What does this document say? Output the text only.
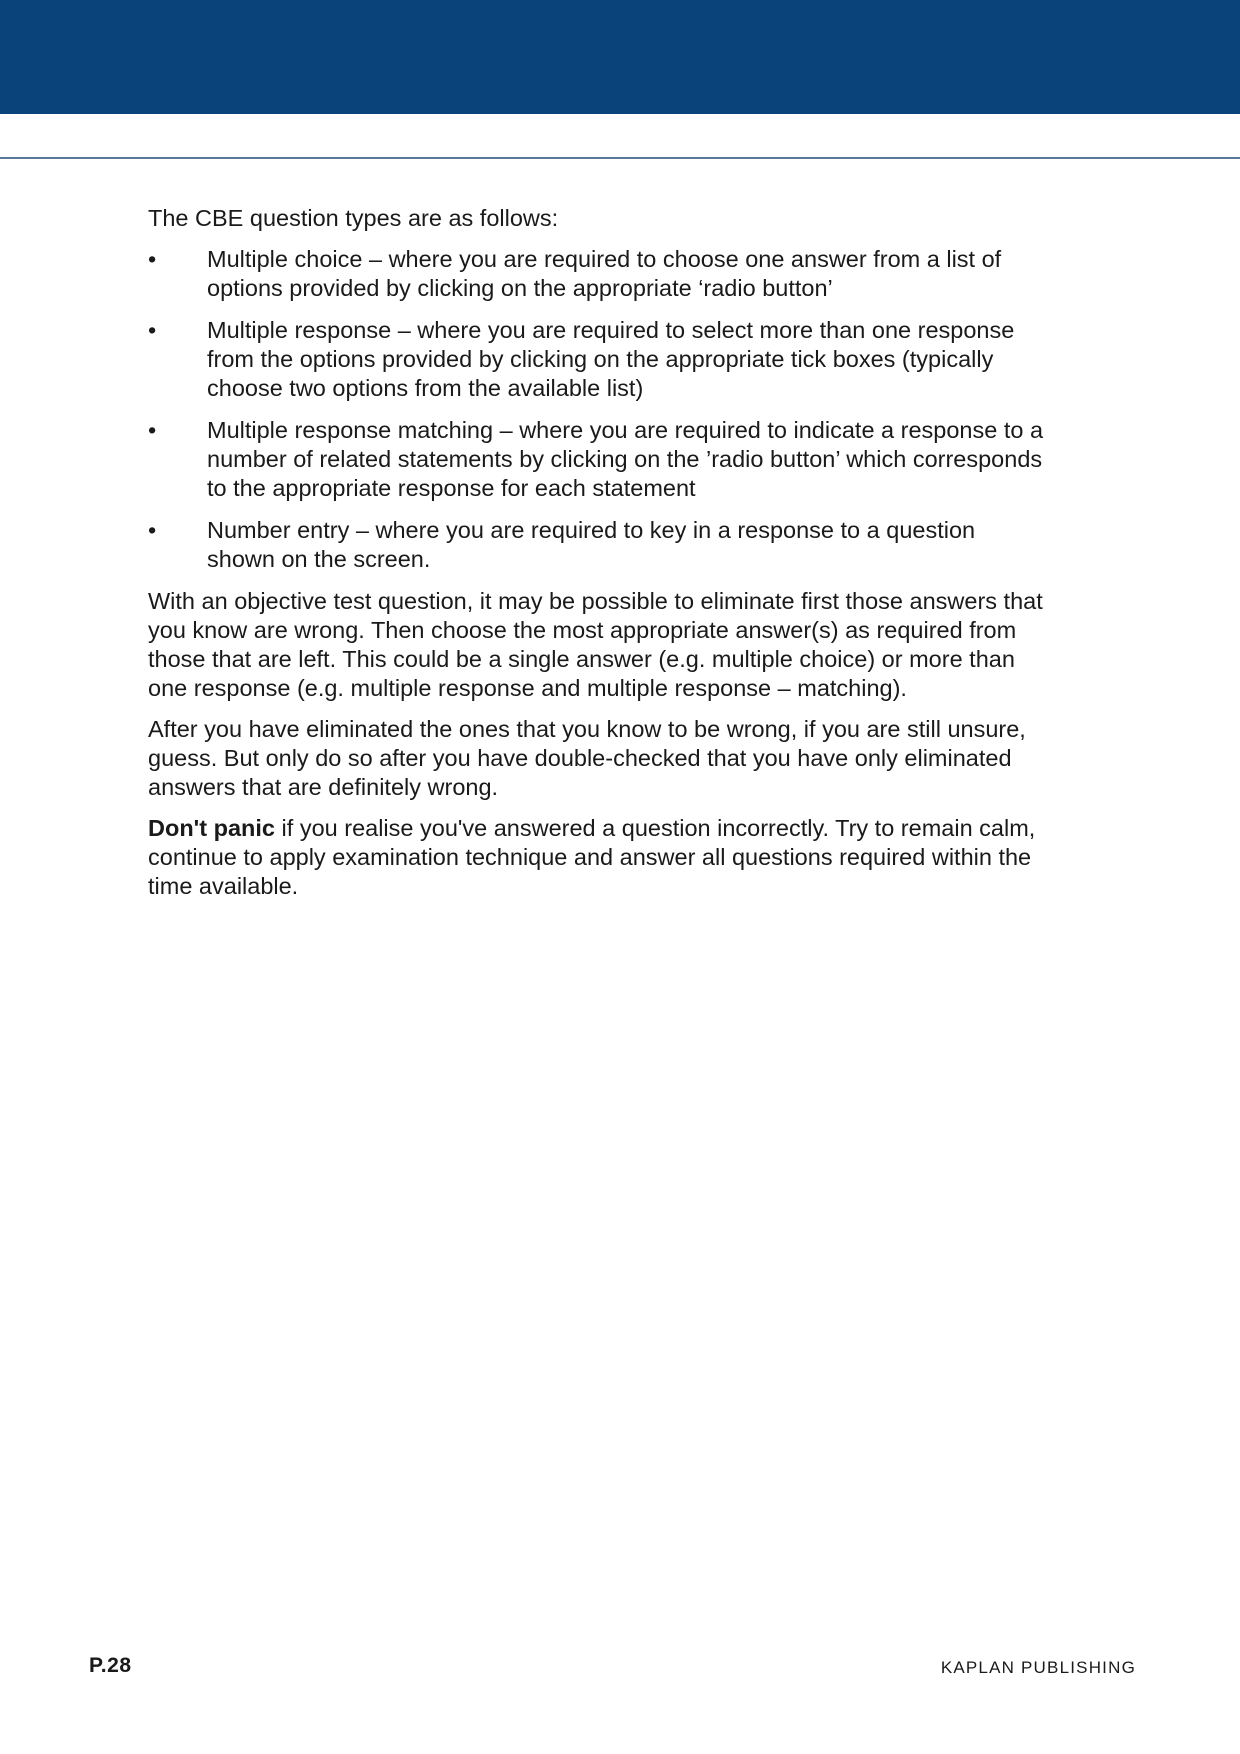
The CBE question types are as follows:

•	Multiple choice – where you are required to choose one answer from a list of options provided by clicking on the appropriate ‘radio button’
•	Multiple response – where you are required to select more than one response from the options provided by clicking on the appropriate tick boxes (typically choose two options from the available list)
•	Multiple response matching – where you are required to indicate a response to a number of related statements by clicking on the ’radio button’ which corresponds to the appropriate response for each statement
•	Number entry – where you are required to key in a response to a question shown on the screen.

With an objective test question, it may be possible to eliminate first those answers that you know are wrong. Then choose the most appropriate answer(s) as required from those that are left. This could be a single answer (e.g. multiple choice) or more than one response (e.g. multiple response and multiple response – matching).

After you have eliminated the ones that you know to be wrong, if you are still unsure, guess. But only do so after you have double-checked that you have only eliminated answers that are definitely wrong.

Don't panic if you realise you've answered a question incorrectly. Try to remain calm, continue to apply examination technique and answer all questions required within the time available.

P.28	KAPLAN PUBLISHING
